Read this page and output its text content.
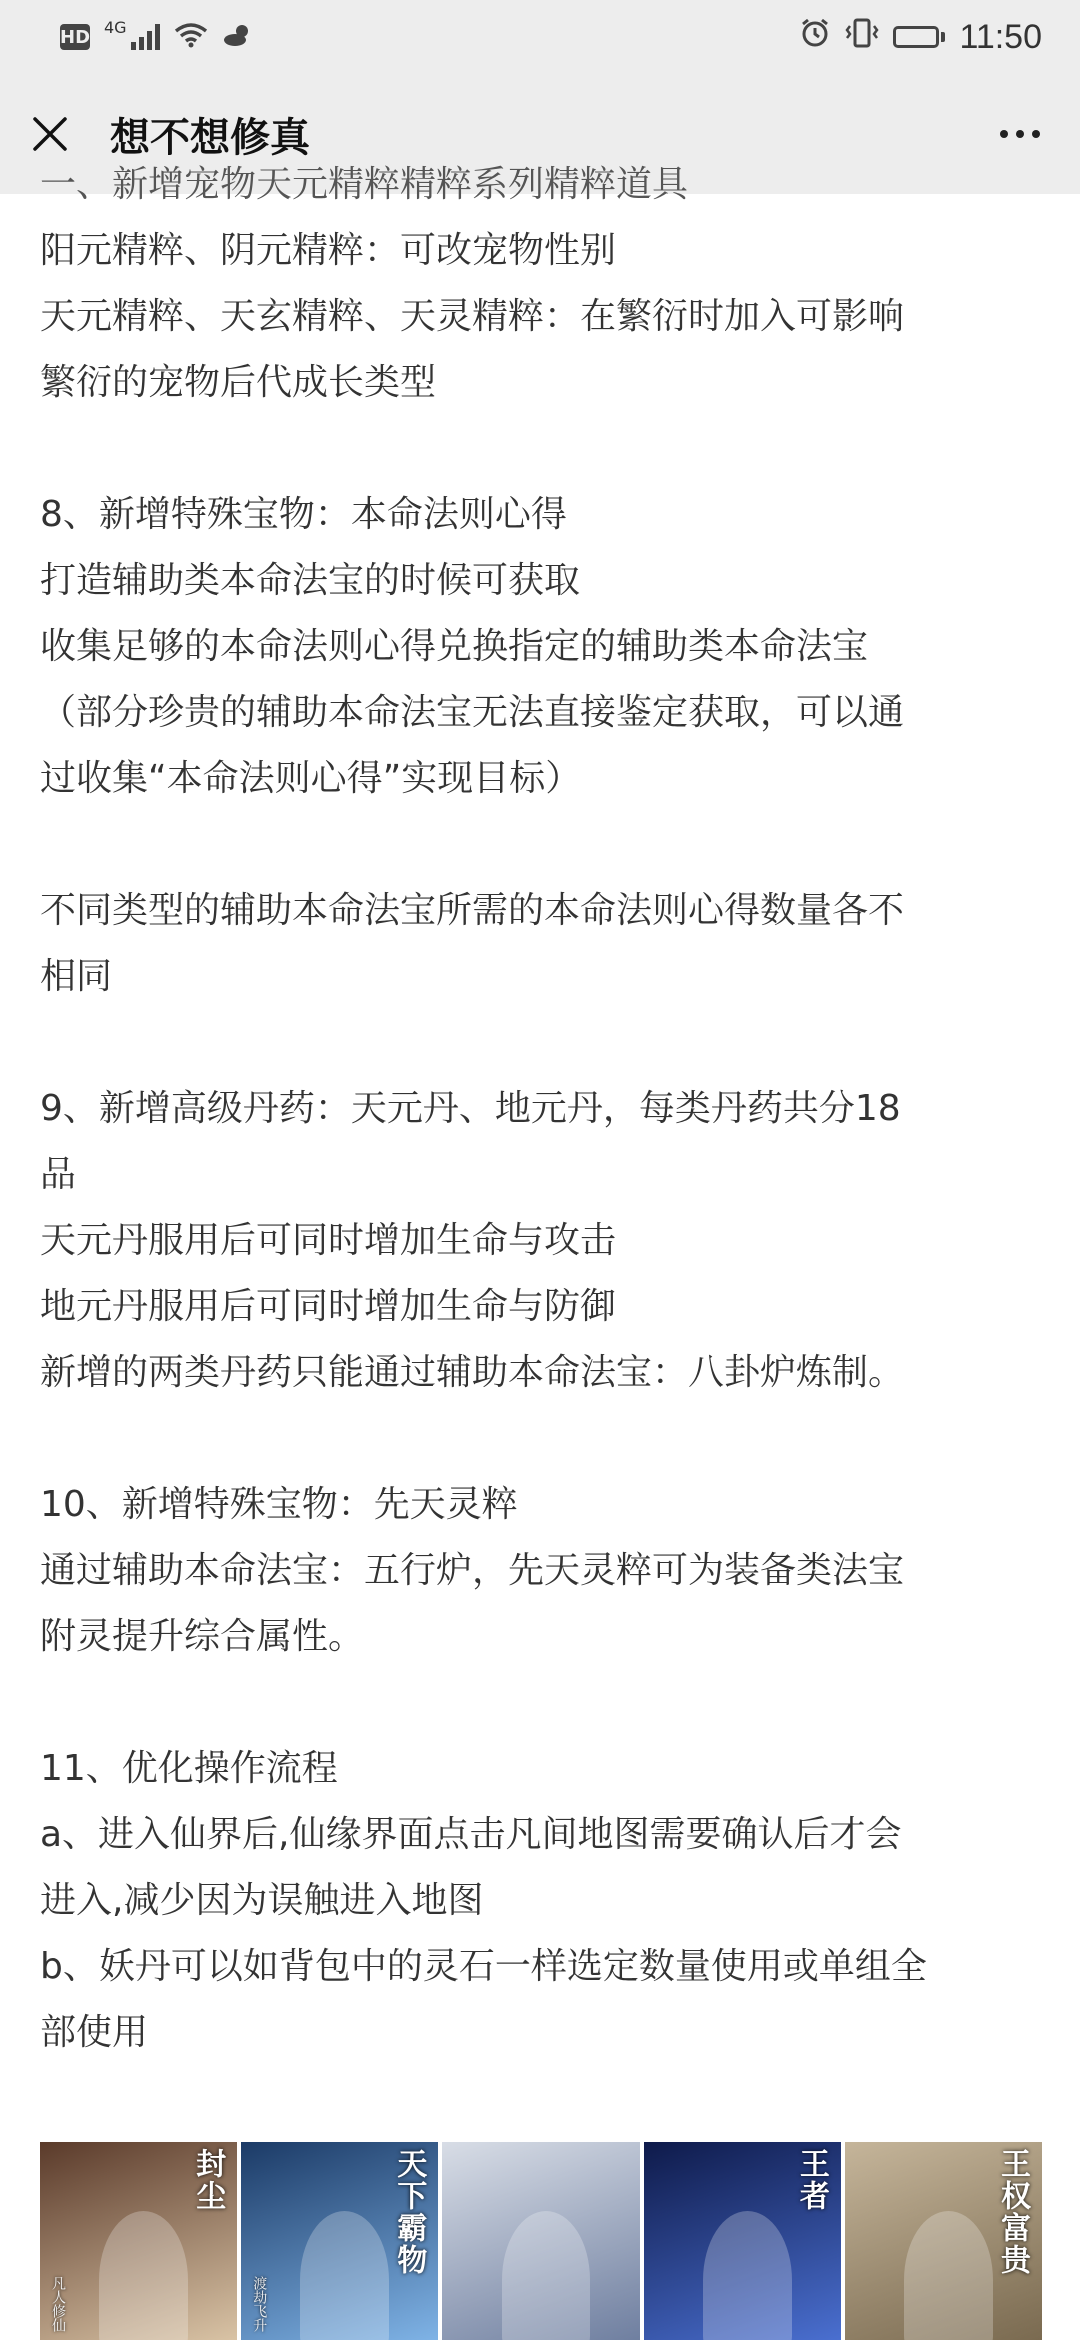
HD 4G	11:50
想不想修真

一、新增宠物天元精粹精粹系列精粹道具

阳元精粹、阴元精粹：可改宠物性别

天元精粹、天玄精粹、天灵精粹：在繁衍时加入可影响

繁衍的宠物后代成长类型

8、新增特殊宝物：本命法则心得

打造辅助类本命法宝的时候可获取

收集足够的本命法则心得兑换指定的辅助类本命法宝

（部分珍贵的辅助本命法宝无法直接鉴定获取，可以通

过收集“本命法则心得”实现目标）

不同类型的辅助本命法宝所需的本命法则心得数量各不

相同

9、新增高级丹药：天元丹、地元丹，每类丹药共分18

品

天元丹服用后可同时增加生命与攻击

地元丹服用后可同时增加生命与防御

新增的两类丹药只能通过辅助本命法宝：八卦炉炼制。

10、新增特殊宝物：先天灵粹

通过辅助本命法宝：五行炉，先天灵粹可为装备类法宝

附灵提升综合属性。

11、优化操作流程

a、进入仙界后,仙缘界面点击凡间地图需要确认后才会

进入,减少因为误触进入地图

b、妖丹可以如背包中的灵石一样选定数量使用或单组全

部使用

封尘
凡人修仙
天下霸物
渡劫飞升
王者	王权富贵
